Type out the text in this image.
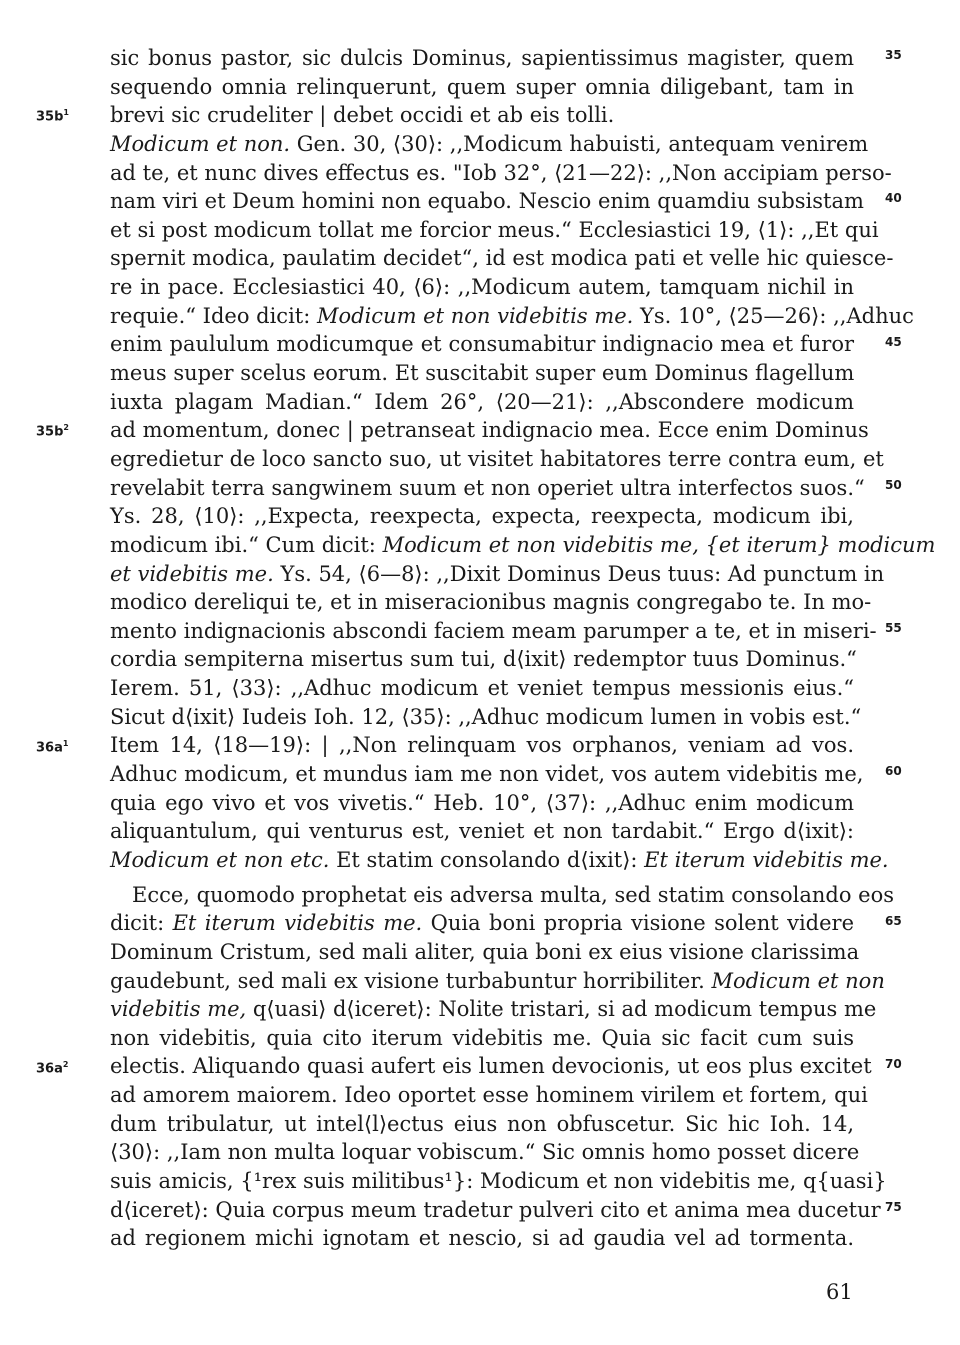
sic bonus pastor, sic dulcis Dominus, sapientissimus magister, quem
sequendo omnia relinquerunt, quem super omnia diligebant, tam in
brevi sic crudeliter | debet occidi et ab eis tolli.
Modicum et non. Gen. 30, ⟨30⟩: ,,Modicum habuisti, antequam venirem
ad te, et nunc dives effectus es. "Iob 32°, ⟨21—22⟩: ,,Non accipiam perso-
nam viri et Deum homini non equabo. Nescio enim quamdiu subsistam
et si post modicum tollat me forcior meus.“ Ecclesiastici 19, ⟨1⟩: ,,Et qui
spernit modica, paulatim decidet“, id est modica pati et velle hic quiesce-
re in pace. Ecclesiastici 40, ⟨6⟩: ,,Modicum autem, tamquam nichil in
requie.“ Ideo dicit: Modicum et non videbitis me. Ys. 10°, ⟨25—26⟩: ,,Adhuc
enim paululum modicumque et consumabitur indignacio mea et furor
meus super scelus eorum. Et suscitabit super eum Dominus flagellum
iuxta plagam Madian.“ Idem 26°, ⟨20—21⟩: ,,Abscondere modicum
ad momentum, donec | petranseat indignacio mea. Ecce enim Dominus
egredietur de loco sancto suo, ut visitet habitatores terre contra eum, et
revelabit terra sangwinem suum et non operiet ultra interfectos suos.“
Ys. 28, ⟨10⟩: ,,Expecta, reexpecta, expecta, reexpecta, modicum ibi,
modicum ibi.“ Cum dicit: Modicum et non videbitis me, {et iterum} modicum
et videbitis me. Ys. 54, ⟨6—8⟩: ,,Dixit Dominus Deus tuus: Ad punctum in
modico dereliqui te, et in miseracionibus magnis congregabo te. In mo-
mento indignacionis abscondi faciem meam parumper a te, et in miseri-
cordia sempiterna misertus sum tui, d⟨ixit⟩ redemptor tuus Dominus.“
Ierem. 51, ⟨33⟩: ,,Adhuc modicum et veniet tempus messionis eius.“
Sicut d⟨ixit⟩ Iudeis Ioh. 12, ⟨35⟩: ,,Adhuc modicum lumen in vobis est.“
Item 14, ⟨18—19⟩: | ,,Non relinquam vos orphanos, veniam ad vos.
Adhuc modicum, et mundus iam me non videt, vos autem videbitis me,
quia ego vivo et vos vivetis.“ Heb. 10°, ⟨37⟩: ,,Adhuc enim modicum
aliquantulum, qui venturus est, veniet et non tardabit.“ Ergo d⟨ixit⟩:
Modicum et non etc. Et statim consolando d⟨ixit⟩: Et iterum videbitis me.
Ecce, quomodo prophetat eis adversa multa, sed statim consolando eos
dicit: Et iterum videbitis me. Quia boni propria visione solent videre
Dominum Cristum, sed mali aliter, quia boni ex eius visione clarissima
gaudebunt, sed mali ex visione turbabuntur horribiliter. Modicum et non
videbitis me, q⟨uasi⟩ d⟨iceret⟩: Nolite tristari, si ad modicum tempus me
non videbitis, quia cito iterum videbitis me. Quia sic facit cum suis
electis. Aliquando quasi aufert eis lumen devocionis, ut eos plus excitet
ad amorem maiorem. Ideo oportet esse hominem virilem et fortem, qui
dum tribulatur, ut intel⟨l⟩ectus eius non obfuscetur. Sic hic Ioh. 14,
⟨30⟩: ,,Iam non multa loquar vobiscum.“ Sic omnis homo posset dicere
suis amicis, {¹rex suis militibus¹}: Modicum et non videbitis me, q{uasi}
d⟨iceret⟩: Quia corpus meum tradetur pulveri cito et anima mea ducetur
ad regionem michi ignotam et nescio, si ad gaudia vel ad tormenta.
$35b^1$
$35b^2$
$36a^1$
$36a^2$
35
40
45
50
55
60
65
70
75
61
